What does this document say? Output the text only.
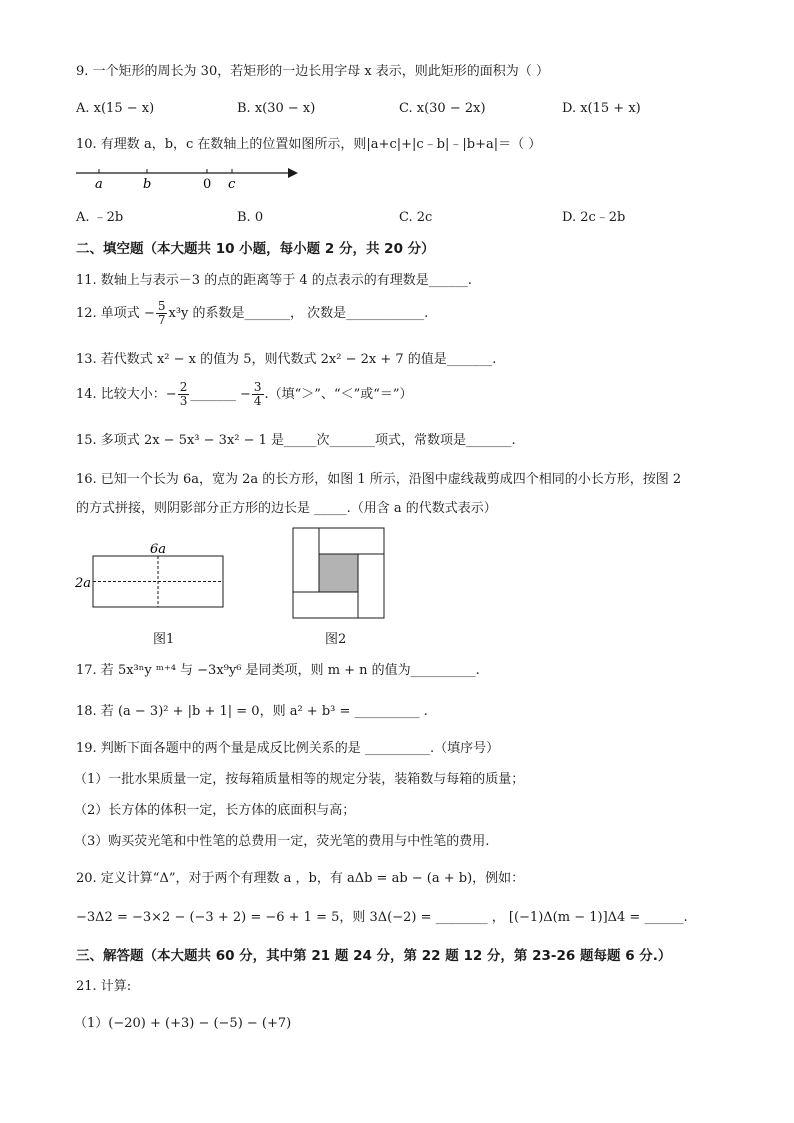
9. 一个矩形的周长为 30，若矩形的一边长用字母 x 表示，则此矩形的面积为（ ）
A. x(15 − x)	B. x(30 − x)	C. x(30 − 2x)	D. x(15 + x)
10. 有理数 a，b，c 在数轴上的位置如图所示，则|a+c|+|c﹣b|﹣|b+a|＝（ ）
a	b	0 c
A. ﹣2b	B. 0	C. 2c	D. 2c﹣2b
二、填空题（本大题共 10 小题，每小题 2 分，共 20 分）
11. 数轴上与表示－3 的点的距离等于 4 的点表示的有理数是______.
12. 单项式 − $\frac{5}{7} x^3y$ 的系数是_______， 次数是____________.
13. 若代数式 x² − x 的值为 5，则代数式 2x² − 2x + 7 的值是_______.
14. 比较大小：− $\frac{2}{3}$ _______ − $\frac{3}{4}$ .（填“＞”、“＜”或“＝”）
15. 多项式 2x − 5x³ − 3x² − 1 是_____次_______项式，常数项是_______.
16. 已知一个长为 6a，宽为 2a 的长方形，如图 1 所示，沿图中虚线裁剪成四个相同的小长方形，按图 2
的方式拼接，则阴影部分正方形的边长是 _____.（用含 a 的代数式表示）
6a
2a
图1	图2
17. 若 5x³ⁿy ᵐ⁺⁴ 与 −3x⁹y⁶ 是同类项，则 m + n 的值为__________.
18. 若 (a − 3)² + |b + 1| = 0，则 a² + b³ = __________ .
19. 判断下面各题中的两个量是成反比例关系的是 __________.（填序号）
（1）一批水果质量一定，按每箱质量相等的规定分装，装箱数与每箱的质量；
（2）长方体的体积一定，长方体的底面积与高；
（3）购买荧光笔和中性笔的总费用一定，荧光笔的费用与中性笔的费用.
20. 定义计算“Δ”，对于两个有理数 a ，b，有 aΔb = ab − (a + b)，例如：
−3Δ2 = −3×2 − (−3 + 2) = −6 + 1 = 5，则 3Δ(−2) = ________ ， [(−1)Δ(m − 1)]Δ4 = ______.
三、解答题（本大题共 60 分，其中第 21 题 24 分，第 22 题 12 分，第 23-26 题每题 6 分.）
21. 计算:
（1）(−20) + (+3) − (−5) − (+7)
